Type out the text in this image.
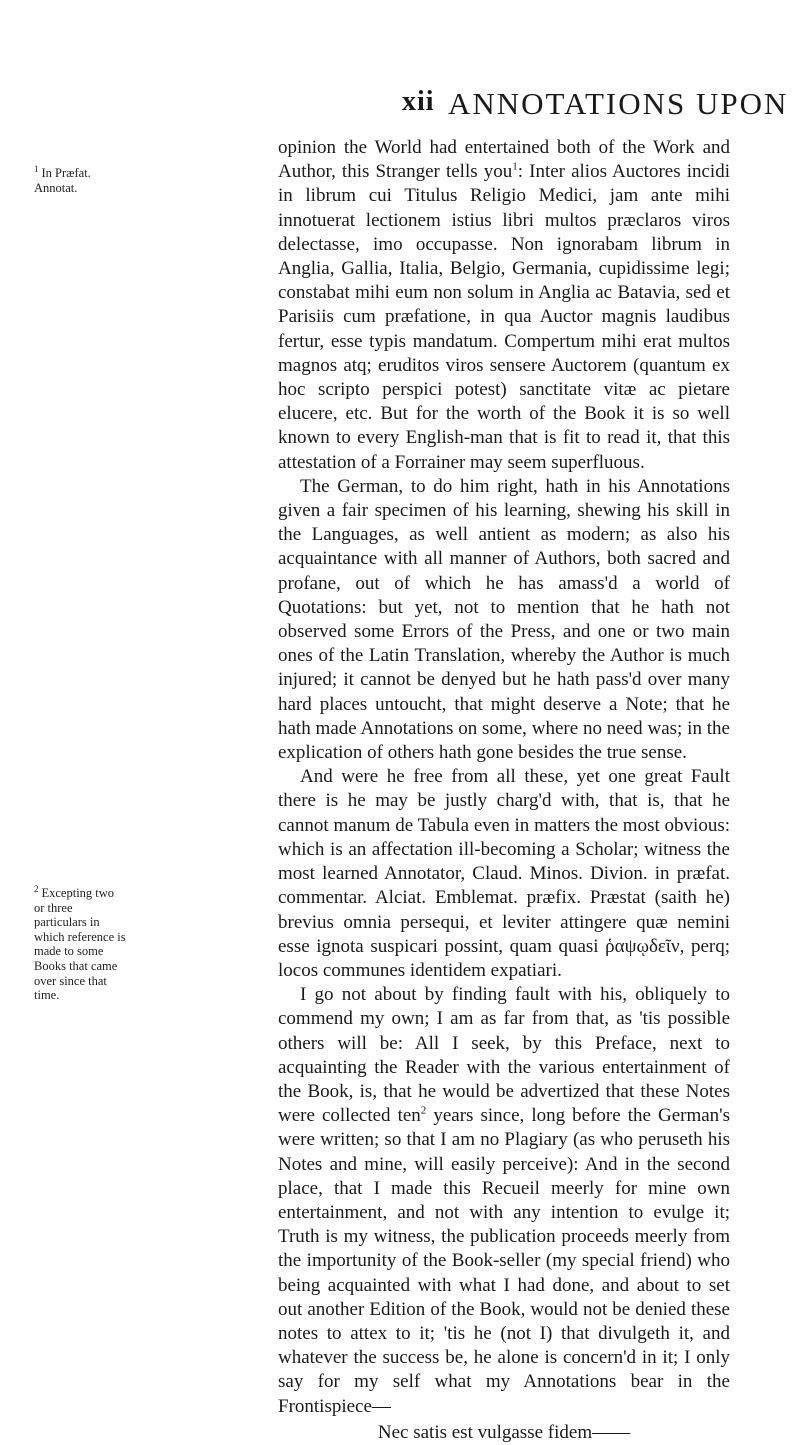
xii ANNOTATIONS UPON
$^1$ In Præfat. Annotat.
$^2$ Excepting two or three particulars in which reference is made to some Books that came over since that time.

opinion the World had entertained both of the Work and Author, this Stranger tells you$^1$: Inter alios Auctores incidi in librum cui Titulus Religio Medici, jam ante mihi innotuerat lectionem istius libri multos præclaros viros delectasse, imo occupasse. Non ignorabam librum in Anglia, Gallia, Italia, Belgio, Germania, cupidissime legi; constabat mihi eum non solum in Anglia ac Batavia, sed et Parisiis cum præfatione, in qua Auctor magnis laudibus fertur, esse typis mandatum. Compertum mihi erat multos magnos atq; eruditos viros sensere Auctorem (quantum ex hoc scripto perspici potest) sanctitate vitæ ac pietare elucere, etc. But for the worth of the Book it is so well known to every English-man that is fit to read it, that this attestation of a Forrainer may seem superfluous.

The German, to do him right, hath in his Annotations given a fair specimen of his learning, shewing his skill in the Languages, as well antient as modern; as also his acquaintance with all manner of Authors, both sacred and profane, out of which he has amass'd a world of Quotations: but yet, not to mention that he hath not observed some Errors of the Press, and one or two main ones of the Latin Translation, whereby the Author is much injured; it cannot be denyed but he hath pass'd over many hard places untoucht, that might deserve a Note; that he hath made Annotations on some, where no need was; in the explication of others hath gone besides the true sense.

And were he free from all these, yet one great Fault there is he may be justly charg'd with, that is, that he cannot manum de Tabula even in matters the most obvious: which is an affectation ill-becoming a Scholar; witness the most learned Annotator, Claud. Minos. Divion. in præfat. commentar. Alciat. Emblemat. præfix. Præstat (saith he) brevius omnia persequi, et leviter attingere quæ nemini esse ignota suspicari possint, quam quasi ῥαψῳδεῖν, perq; locos communes identidem expatiari.

I go not about by finding fault with his, obliquely to commend my own; I am as far from that, as 'tis possible others will be: All I seek, by this Preface, next to acquainting the Reader with the various entertainment of the Book, is, that he would be advertized that these Notes were collected ten$^2$ years since, long before the German's were written; so that I am no Plagiary (as who peruseth his Notes and mine, will easily perceive): And in the second place, that I made this Recueil meerly for mine own entertainment, and not with any intention to evulge it; Truth is my witness, the publication proceeds meerly from the importunity of the Book-seller (my special friend) who being acquainted with what I had done, and about to set out another Edition of the Book, would not be denied these notes to attex to it; 'tis he (not I) that divulgeth it, and whatever the success be, he alone is concern'd in it; I only say for my self what my Annotations bear in the Frontispiece—

Nec satis est vulgasse fidem——
